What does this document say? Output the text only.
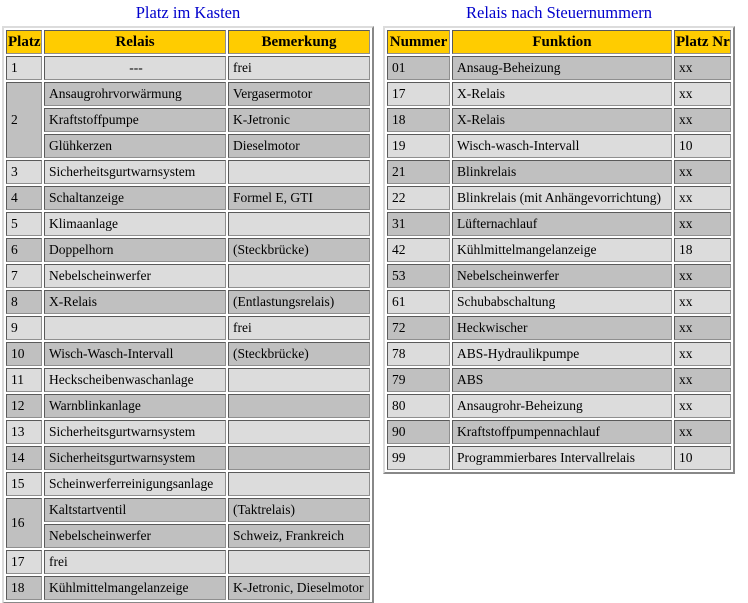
Platz im Kasten
Platz	Relais	Bemerkung
1	---	frei
2	Ansaugrohrvorwärmung	Vergasermotor
	Kraftstoffpumpe	K-Jetronic
	Glühkerzen	Dieselmotor
3	Sicherheitsgurtwarnsystem	
4	Schaltanzeige	Formel E, GTI
5	Klimaanlage	
6	Doppelhorn	(Steckbrücke)
7	Nebelscheinwerfer	
8	X-Relais	(Entlastungsrelais)
9		frei
10	Wisch-Wasch-Intervall	(Steckbrücke)
11	Heckscheibenwaschanlage	
12	Warnblinkanlage	
13	Sicherheitsgurtwarnsystem	
14	Sicherheitsgurtwarnsystem	
15	Scheinwerferreinigungsanlage	
16	Kaltstartventil	(Taktrelais)
	Nebelscheinwerfer	Schweiz, Frankreich
17	frei	
18	Kühlmittelmangelanzeige	K-Jetronic, Dieselmotor
Relais nach Steuernummern
Nummer	Funktion	Platz Nr
01	Ansaug-Beheizung	xx
17	X-Relais	xx
18	X-Relais	xx
19	Wisch-wasch-Intervall	10
21	Blinkrelais	xx
22	Blinkrelais (mit Anhängevorrichtung)	xx
31	Lüfternachlauf	xx
42	Kühlmittelmangelanzeige	18
53	Nebelscheinwerfer	xx
61	Schubabschaltung	xx
72	Heckwischer	xx
78	ABS-Hydraulikpumpe	xx
79	ABS	xx
80	Ansaugrohr-Beheizung	xx
90	Kraftstoffpumpennachlauf	xx
99	Programmierbares Intervallrelais	10
